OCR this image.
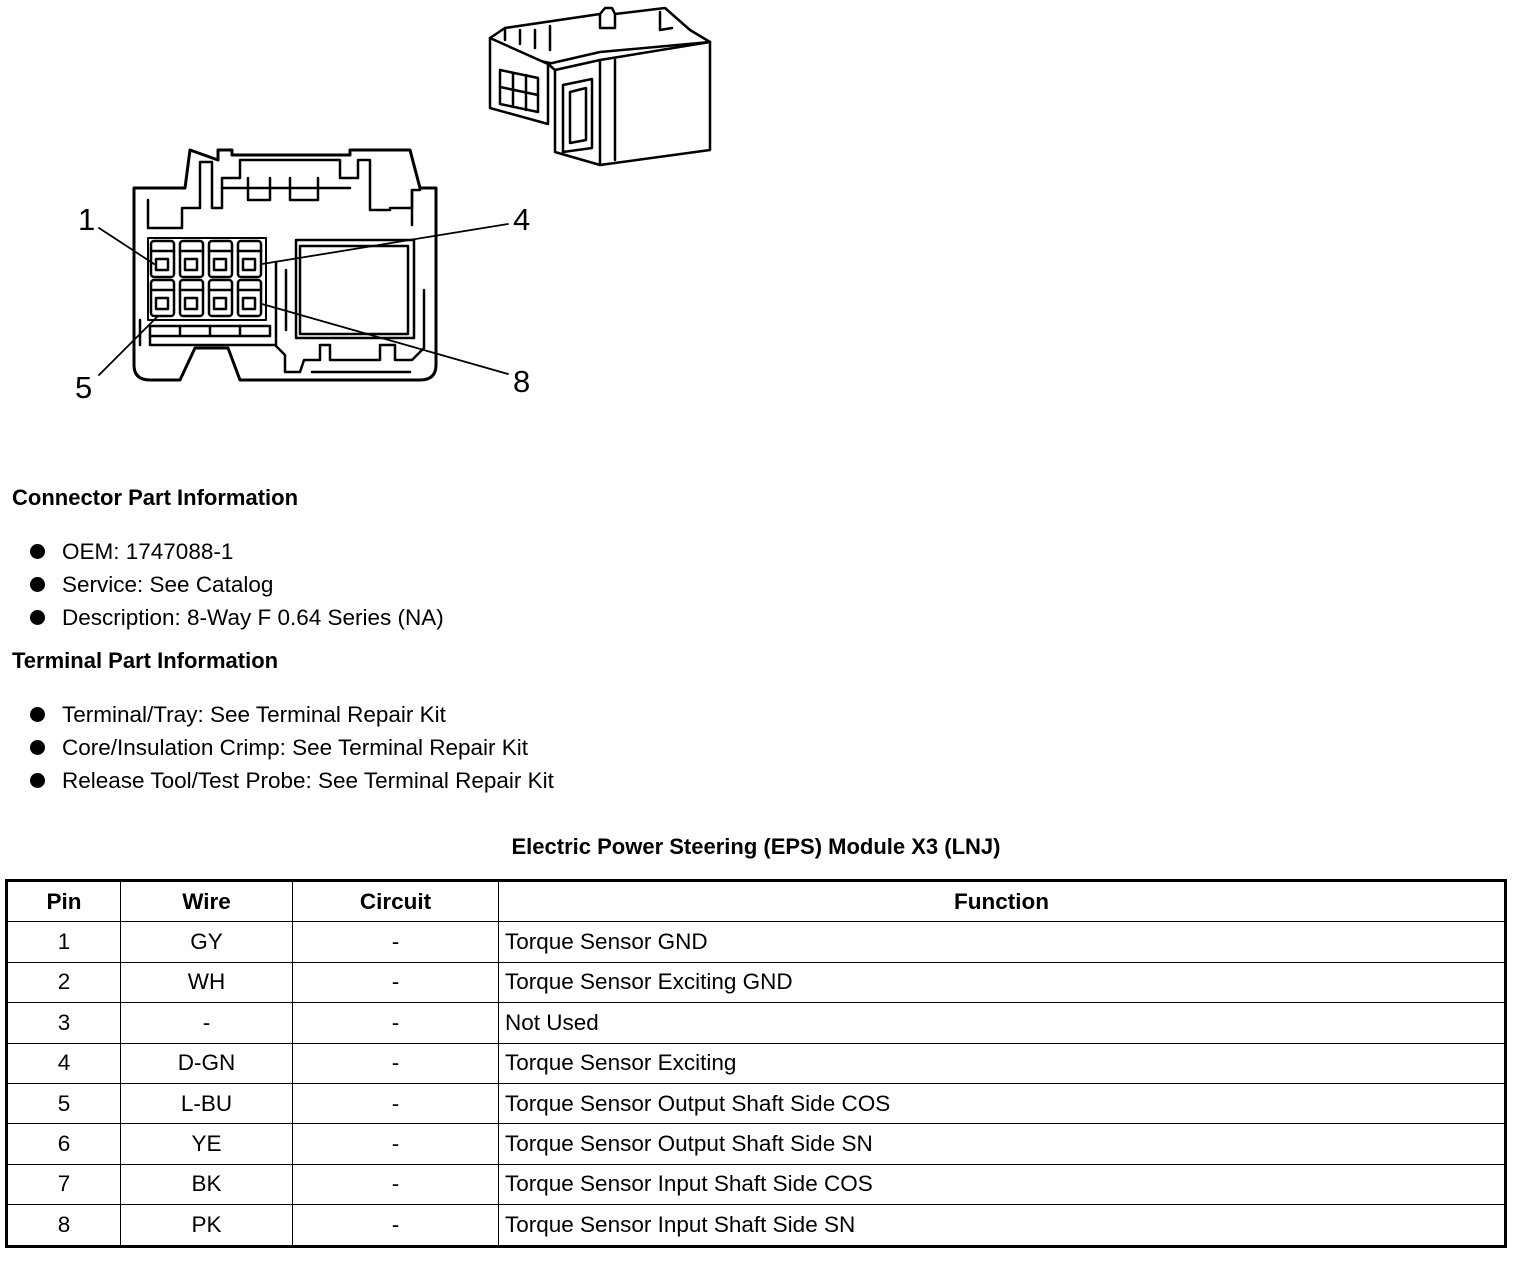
1	4
5	8
Connector Part Information
OEM: 1747088-1
Service: See Catalog
Description: 8-Way F 0.64 Series (NA)
Terminal Part Information
Terminal/Tray: See Terminal Repair Kit
Core/Insulation Crimp: See Terminal Repair Kit
Release Tool/Test Probe: See Terminal Repair Kit
Electric Power Steering (EPS) Module X3 (LNJ)
Pin	Wire	Circuit	Function
1	GY	-	Torque Sensor GND
2	WH	-	Torque Sensor Exciting GND
3	-	-	Not Used
4	D-GN	-	Torque Sensor Exciting
5	L-BU	-	Torque Sensor Output Shaft Side COS
6	YE	-	Torque Sensor Output Shaft Side SN
7	BK	-	Torque Sensor Input Shaft Side COS
8	PK	-	Torque Sensor Input Shaft Side SN
